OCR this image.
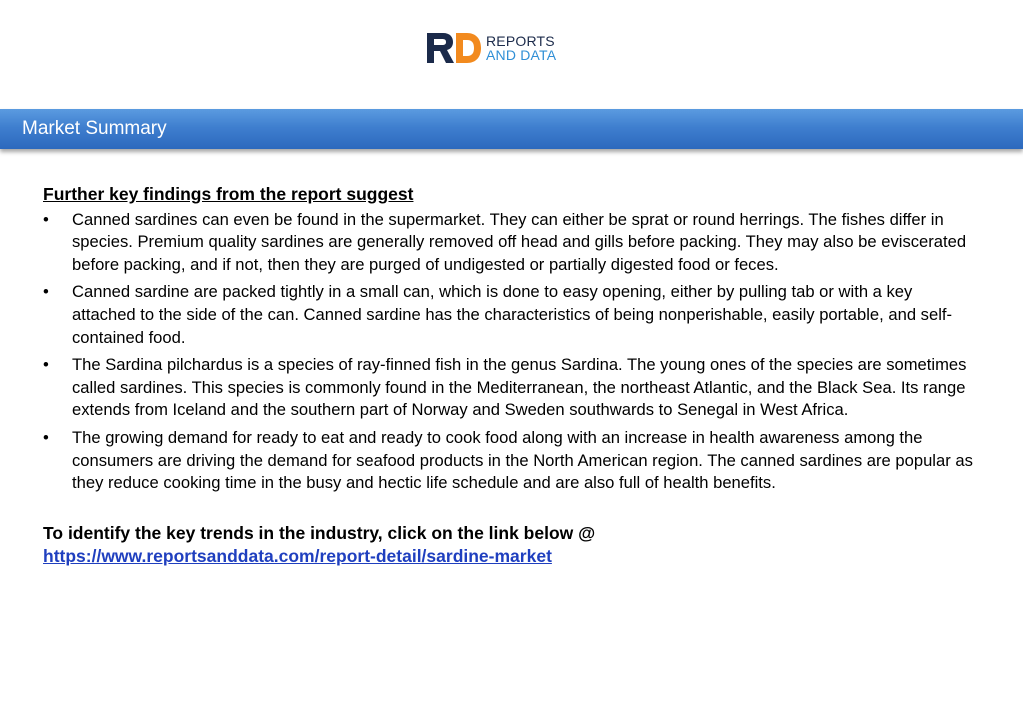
REPORTS
AND DATA
Market Summary
Further key findings from the report suggest
• Canned sardines can even be found in the supermarket. They can either be sprat or round herrings. The fishes differ in species. Premium quality sardines are generally removed off head and gills before packing. They may also be eviscerated before packing, and if not, then they are purged of undigested or partially digested food or feces.
• Canned sardine are packed tightly in a small can, which is done to easy opening, either by pulling tab or with a key attached to the side of the can. Canned sardine has the characteristics of being nonperishable, easily portable, and self-contained food.
• The Sardina pilchardus is a species of ray-finned fish in the genus Sardina. The young ones of the species are sometimes called sardines. This species is commonly found in the Mediterranean, the northeast Atlantic, and the Black Sea. Its range extends from Iceland and the southern part of Norway and Sweden southwards to Senegal in West Africa.
• The growing demand for ready to eat and ready to cook food along with an increase in health awareness among the consumers are driving the demand for seafood products in the North American region. The canned sardines are popular as they reduce cooking time in the busy and hectic life schedule and are also full of health benefits.
To identify the key trends in the industry, click on the link below @
https://www.reportsanddata.com/report-detail/sardine-market
